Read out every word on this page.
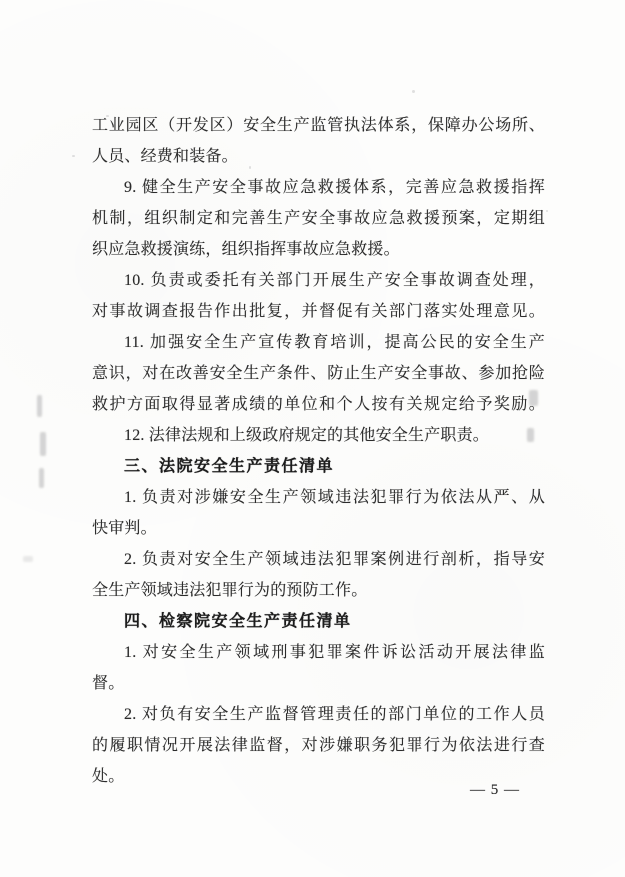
工业园区（开发区）安全生产监管执法体系，保障办公场所、
人员、经费和装备。
9. 健全生产安全事故应急救援体系，完善应急救援指挥
机制，组织制定和完善生产安全事故应急救援预案，定期组
织应急救援演练，组织指挥事故应急救援。
10. 负责或委托有关部门开展生产安全事故调查处理，
对事故调查报告作出批复，并督促有关部门落实处理意见。
11. 加强安全生产宣传教育培训，提高公民的安全生产
意识，对在改善安全生产条件、防止生产安全事故、参加抢险
救护方面取得显著成绩的单位和个人按有关规定给予奖励。
12. 法律法规和上级政府规定的其他安全生产职责。
三、法院安全生产责任清单
1. 负责对涉嫌安全生产领域违法犯罪行为依法从严、从
快审判。
2. 负责对安全生产领域违法犯罪案例进行剖析，指导安
全生产领域违法犯罪行为的预防工作。
四、检察院安全生产责任清单
1. 对安全生产领域刑事犯罪案件诉讼活动开展法律监
督。
2. 对负有安全生产监督管理责任的部门单位的工作人员
的履职情况开展法律监督，对涉嫌职务犯罪行为依法进行查
处。
— 5 —
